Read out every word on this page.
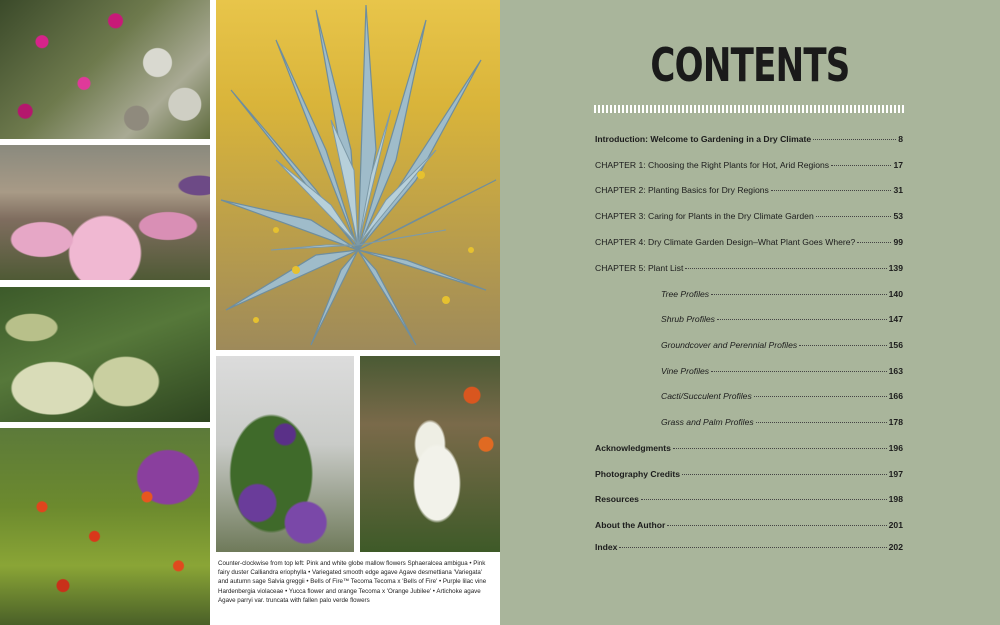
Counter-clockwise from top left: Pink and white globe mallow flowers Sphaeralcea ambigua • Pink fairy duster Calliandra eriophylla • Variegated smooth edge agave Agave desmettiana 'Variegata' and autumn sage Salvia greggii • Bells of Fire™ Tecoma Tecoma x 'Bells of Fire' • Purple lilac vine Hardenbergia violaceae • Yucca flower and orange Tecoma x 'Orange Jubilee' • Artichoke agave Agave parryi var. truncata with fallen palo verde flowers

CONTENTS
Introduction: Welcome to Gardening in a Dry Climate	8
CHAPTER 1: Choosing the Right Plants for Hot, Arid Regions	17
CHAPTER 2: Planting Basics for Dry Regions	31
CHAPTER 3: Caring for Plants in the Dry Climate Garden	53
CHAPTER 4: Dry Climate Garden Design–What Plant Goes Where?	99
CHAPTER 5: Plant List	139
Tree Profiles	140
Shrub Profiles	147
Groundcover and Perennial Profiles	156
Vine Profiles	163
Cacti/Succulent Profiles	166
Grass and Palm Profiles	178
Acknowledgments	196
Photography Credits	197
Resources	198
About the Author	201
Index	202
